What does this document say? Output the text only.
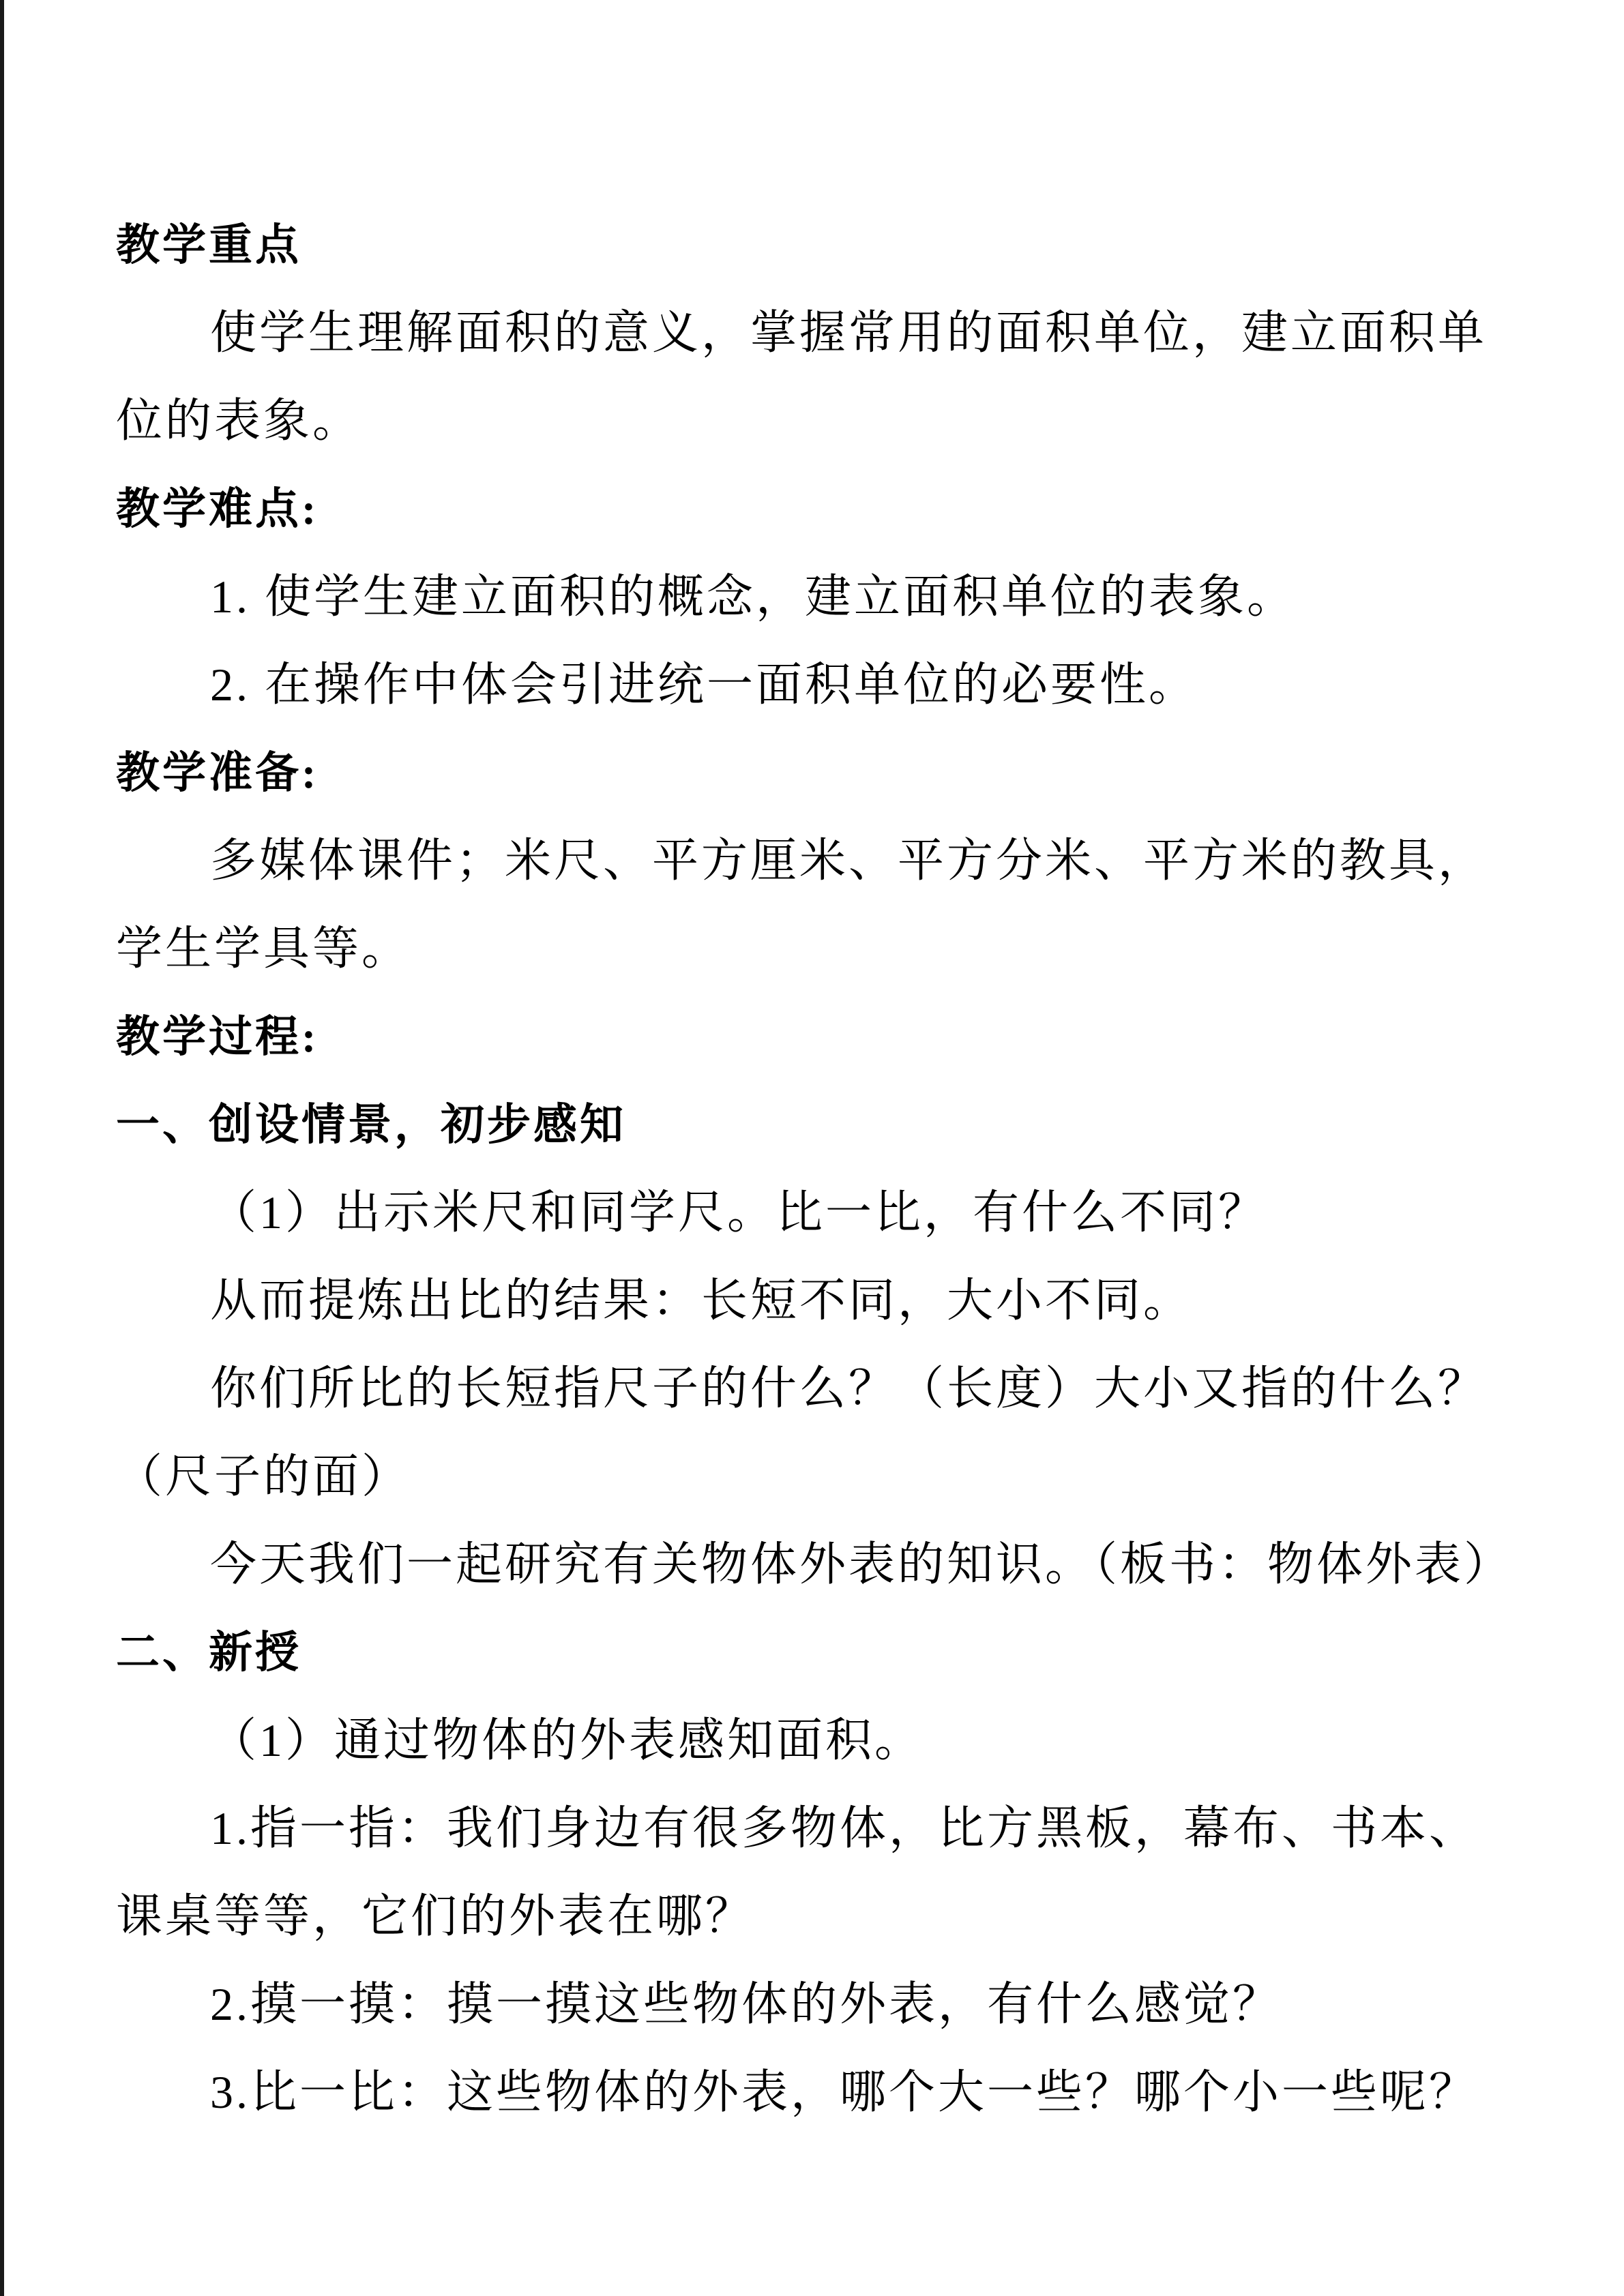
教学重点
使学生理解面积的意义，掌握常用的面积单位，建立面积单
位的表象。
教学难点:
1. 使学生建立面积的概念，建立面积单位的表象。
2. 在操作中体会引进统一面积单位的必要性。
教学准备:
多媒体课件；米尺、平方厘米、平方分米、平方米的教具，
学生学具等。
教学过程:
一、创设情景，初步感知
（1）出示米尺和同学尺。比一比，有什么不同？
从而提炼出比的结果：长短不同，大小不同。
你们所比的长短指尺子的什么？（长度）大小又指的什么？
（尺子的面）
今天我们一起研究有关物体外表的知识。（板书：物体外表）
二、新授
（1）通过物体的外表感知面积。
1.指一指：我们身边有很多物体，比方黑板，幕布、书本、
课桌等等，它们的外表在哪？
2.摸一摸：摸一摸这些物体的外表，有什么感觉？
3.比一比：这些物体的外表，哪个大一些？哪个小一些呢？
